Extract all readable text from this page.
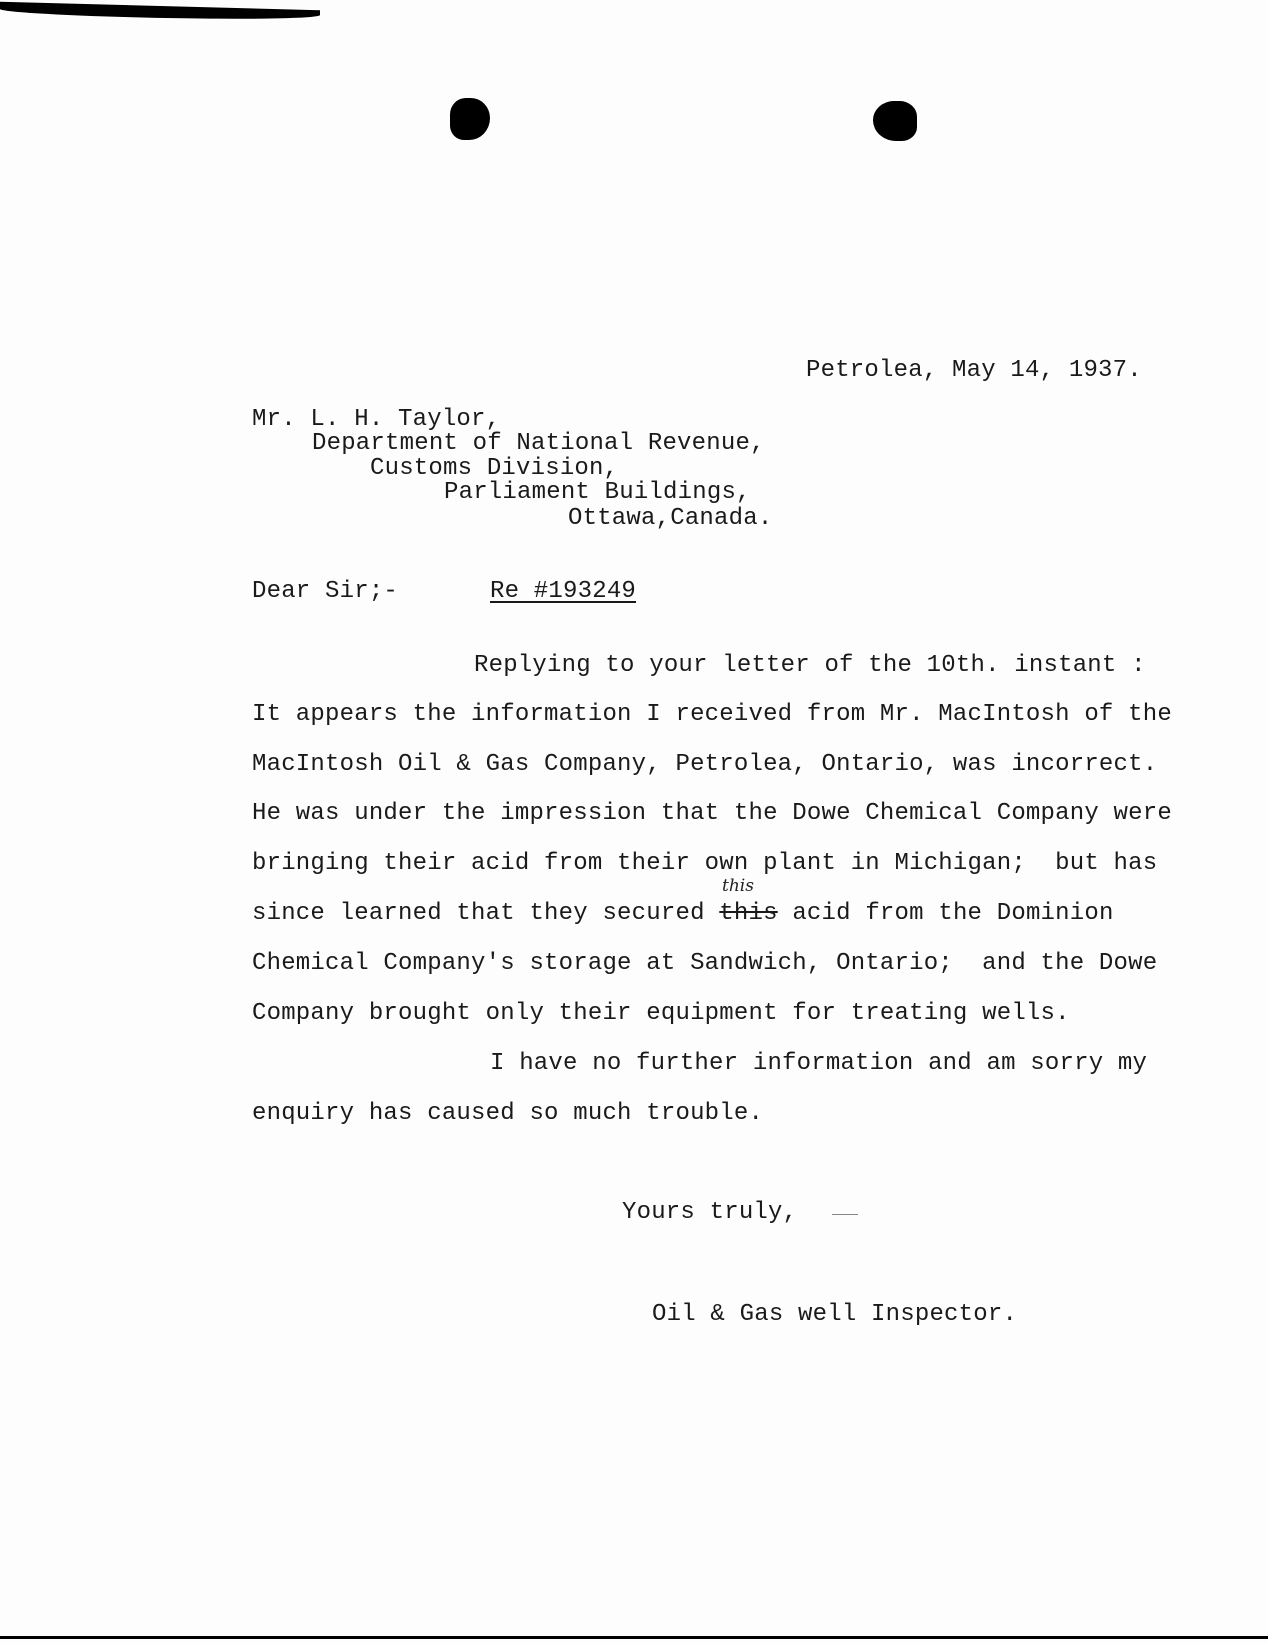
Petrolea, May 14, 1937.
Mr. L. H. Taylor,
Department of National Revenue,
Customs Division,
Parliament Buildings,
Ottawa,Canada.
Dear Sir;-	Re #193249
Replying to your letter of the 10th. instant :
It appears the information I received from Mr. MacIntosh of the
MacIntosh Oil & Gas Company, Petrolea, Ontario, was incorrect.
He was under the impression that the Dowe Chemical Company were
bringing their acid from their own plant in Michigan;  but has
since learned that they secured this acid from the Dominion
this
Chemical Company's storage at Sandwich, Ontario;  and the Dowe
Company brought only their equipment for treating wells.
I have no further information and am sorry my
enquiry has caused so much trouble.
Yours truly,
Oil & Gas well Inspector.
